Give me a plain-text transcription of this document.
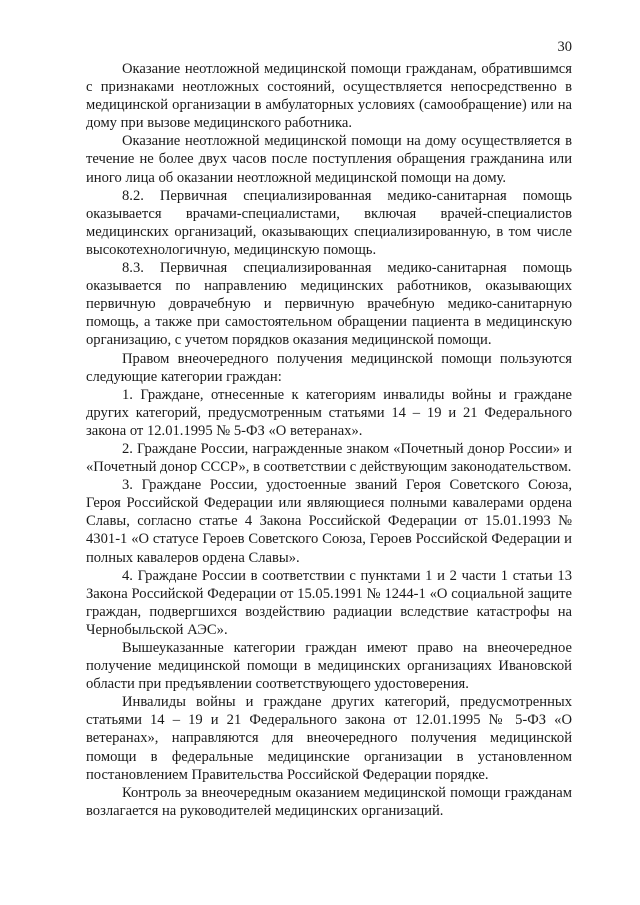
30

Оказание неотложной медицинской помощи гражданам, обратившимся с признаками неотложных состояний, осуществляется непосредственно в медицинской организации в амбулаторных условиях (самообращение) или на дому при вызове медицинского работника.

Оказание неотложной медицинской помощи на дому осуществляется в течение не более двух часов после поступления обращения гражданина или иного лица об оказании неотложной медицинской помощи на дому.

8.2. Первичная специализированная медико-санитарная помощь оказывается врачами-специалистами, включая врачей-специалистов медицинских организаций, оказывающих специализированную, в том числе высокотехнологичную, медицинскую помощь.

8.3. Первичная специализированная медико-санитарная помощь оказывается по направлению медицинских работников, оказывающих первичную доврачебную и первичную врачебную медико-санитарную помощь, а также при самостоятельном обращении пациента в медицинскую организацию, с учетом порядков оказания медицинской помощи.

Правом внеочередного получения медицинской помощи пользуются следующие категории граждан:

1. Граждане, отнесенные к категориям инвалиды войны и граждане других категорий, предусмотренным статьями 14 – 19 и 21 Федерального закона от 12.01.1995 № 5-ФЗ «О ветеранах».

2. Граждане России, награжденные знаком «Почетный донор России» и «Почетный донор СССР», в соответствии с действующим законодательством.

3. Граждане России, удостоенные званий Героя Советского Союза, Героя Российской Федерации или являющиеся полными кавалерами ордена Славы, согласно статье 4 Закона Российской Федерации от 15.01.1993 № 4301-1 «О статусе Героев Советского Союза, Героев Российской Федерации и полных кавалеров ордена Славы».

4. Граждане России в соответствии с пунктами 1 и 2 части 1 статьи 13 Закона Российской Федерации от 15.05.1991 № 1244-1 «О социальной защите граждан, подвергшихся воздействию радиации вследствие катастрофы на Чернобыльской АЭС».

Вышеуказанные категории граждан имеют право на внеочередное получение медицинской помощи в медицинских организациях Ивановской области при предъявлении соответствующего удостоверения.

Инвалиды войны и граждане других категорий, предусмотренных статьями 14 – 19 и 21 Федерального закона от 12.01.1995 № 5-ФЗ «О ветеранах», направляются для внеочередного получения медицинской помощи в федеральные медицинские организации в установленном постановлением Правительства Российской Федерации порядке.

Контроль за внеочередным оказанием медицинской помощи гражданам возлагается на руководителей медицинских организаций.
